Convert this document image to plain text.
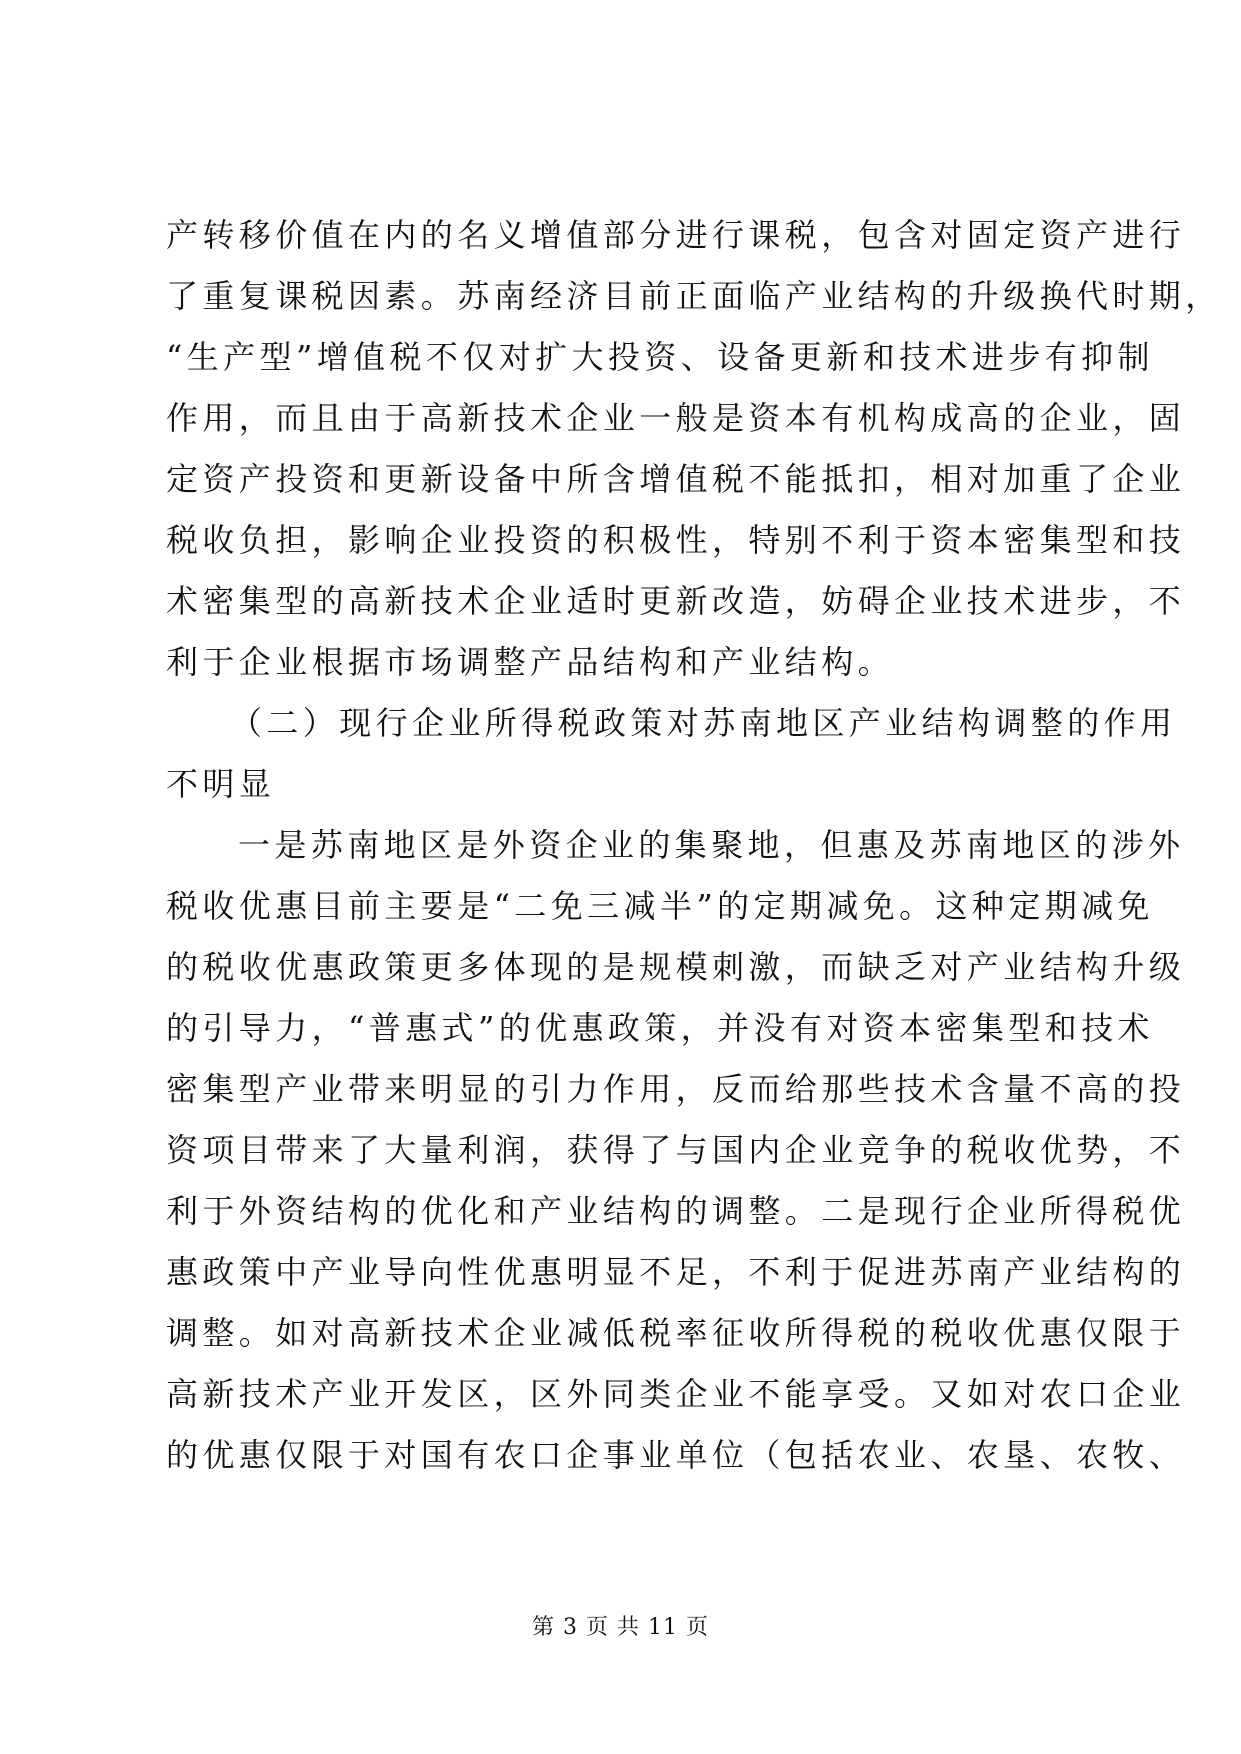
产转移价值在内的名义增值部分进行课税，包含对固定资产进行
了重复课税因素。苏南经济目前正面临产业结构的升级换代时期，
“生产型”增值税不仅对扩大投资、设备更新和技术进步有抑制
作用，而且由于高新技术企业一般是资本有机构成高的企业，固
定资产投资和更新设备中所含增值税不能抵扣，相对加重了企业
税收负担，影响企业投资的积极性，特别不利于资本密集型和技
术密集型的高新技术企业适时更新改造，妨碍企业技术进步，不
利于企业根据市场调整产品结构和产业结构。
（二）现行企业所得税政策对苏南地区产业结构调整的作用
不明显
一是苏南地区是外资企业的集聚地，但惠及苏南地区的涉外
税收优惠目前主要是“二免三减半”的定期减免。这种定期减免
的税收优惠政策更多体现的是规模刺激，而缺乏对产业结构升级
的引导力，“普惠式”的优惠政策，并没有对资本密集型和技术
密集型产业带来明显的引力作用，反而给那些技术含量不高的投
资项目带来了大量利润，获得了与国内企业竞争的税收优势，不
利于外资结构的优化和产业结构的调整。二是现行企业所得税优
惠政策中产业导向性优惠明显不足，不利于促进苏南产业结构的
调整。如对高新技术企业减低税率征收所得税的税收优惠仅限于
高新技术产业开发区，区外同类企业不能享受。又如对农口企业
的优惠仅限于对国有农口企事业单位（包括农业、农垦、农牧、
第 3 页 共 11 页
